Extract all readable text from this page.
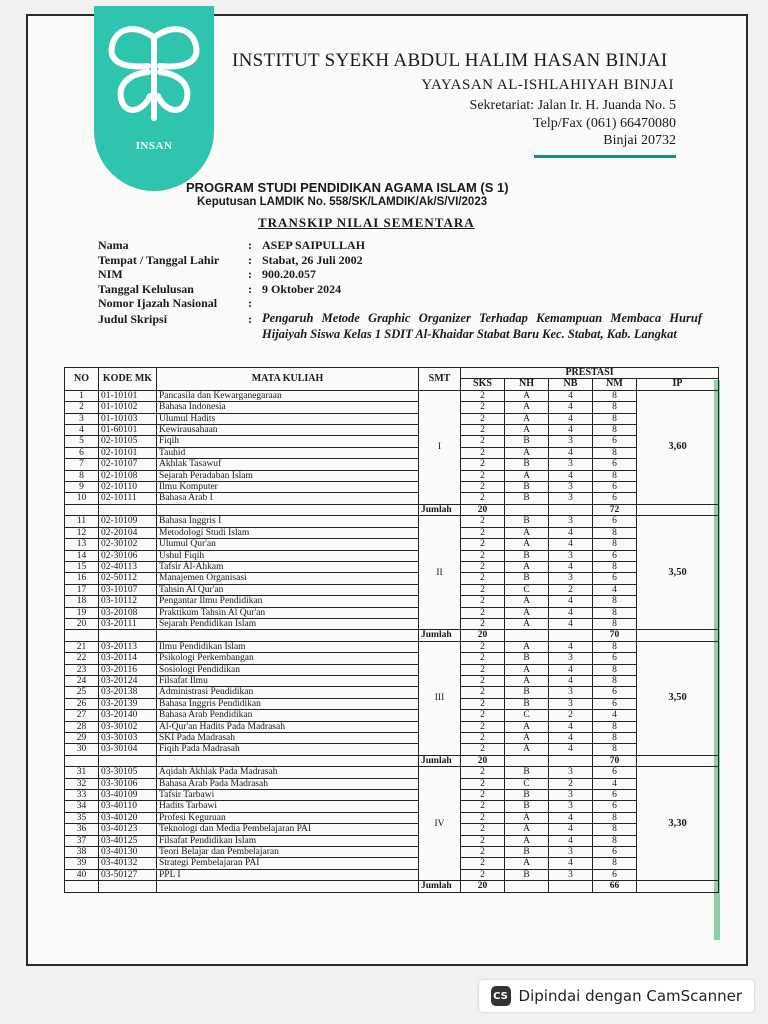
INSAN
INSTITUT SYEKH ABDUL HALIM HASAN BINJAI
YAYASAN AL-ISHLAHIYAH BINJAI
Sekretariat: Jalan Ir. H. Juanda No. 5
Telp/Fax (061) 66470080
Binjai 20732
PROGRAM STUDI PENDIDIKAN AGAMA ISLAM (S 1)
Keputusan LAMDIK No. 558/SK/LAMDIK/Ak/S/VI/2023
TRANSKIP NILAI SEMENTARA
Nama	: ASEP SAIPULLAH
Tempat / Tanggal Lahir : Stabat, 26 Juli 2002
NIM	: 900.20.057
Tanggal Kelulusan	: 9 Oktober 2024
Nomor Ijazah Nasional	:
Judul Skripsi	: Pengaruh Metode Graphic Organizer Terhadap Kemampuan Membaca Huruf Hijaiyah Siswa Kelas 1 SDIT Al-Khaidar Stabat Baru Kec. Stabat, Kab. Langkat
NO	KODE MK	MATA KULIAH	SMT	PRESTASI				
				SKS	NH	NB	NM	IP
1	01-10101	Pancasila dan Kewarganegaraan	I	2	A	4	8	3,60
2	01-10102	Bahasa Indonesia		2	A	4	8	
3	01-10103	Ulumul Hadits		2	A	4	8	
4	01-60101	Kewirausahaan		2	A	4	8	
5	02-10105	Fiqih		2	B	3	6	
6	02-10101	Tauhid		2	A	4	8	
7	02-10107	Akhlak Tasawuf		2	B	3	6	
8	02-10108	Sejarah Peradaban Islam		2	A	4	8	
9	02-10110	Ilmu Komputer		2	B	3	6	
10	02-10111	Bahasa Arab I		2	B	3	6	
			Jumlah	20			72	
11	02-10109	Bahasa Inggris I	II	2	B	3	6	3,50
12	02-20104	Metodologi Studi Islam		2	A	4	8	
13	02-30102	Ulumul Qur'an		2	A	4	8	
14	02-30106	Ushul Fiqih		2	B	3	6	
15	02-40113	Tafsir Al-Ahkam		2	A	4	8	
16	02-50112	Manajemen Organisasi		2	B	3	6	
17	03-10107	Tahsin Al Qur'an		2	C	2	4	
18	03-10112	Pengantar Ilmu Pendidikan		2	A	4	8	
19	03-20108	Praktikum Tahsin Al Qur'an		2	A	4	8	
20	03-20111	Sejarah Pendidikan Islam		2	A	4	8	
			Jumlah	20			70	
21	03-20113	Ilmu Pendidikan Islam	III	2	A	4	8	3,50
22	03-20114	Psikologi Perkembangan		2	B	3	6	
23	03-20116	Sosiologi Pendidikan		2	A	4	8	
24	03-20124	Filsafat Ilmu		2	A	4	8	
25	03-20138	Administrasi Pendidikan		2	B	3	6	
26	03-20139	Bahasa Inggris Pendidikan		2	B	3	6	
27	03-20140	Bahasa Arab Pendidikan		2	C	2	4	
28	03-30102	Al-Qur'an Hadits Pada Madrasah		2	A	4	8	
29	03-30103	SKI Pada Madrasah		2	A	4	8	
30	03-30104	Fiqih Pada Madrasah		2	A	4	8	
			Jumlah	20			70	
31	03-30105	Aqidah Akhlak Pada Madrasah	IV	2	B	3	6	3,30
32	03-30106	Bahasa Arab Pada Madrasah		2	C	2	4	
33	03-40109	Tafsir Tarbawi		2	B	3	6	
34	03-40110	Hadits Tarbawi		2	B	3	6	
35	03-40120	Profesi Keguruan		2	A	4	8	
36	03-40123	Teknologi dan Media Pembelajaran PAI		2	A	4	8	
37	03-40125	Filsafat Pendidikan Islam		2	A	4	8	
38	03-40130	Teori Belajar dan Pembelajaran		2	B	3	6	
39	03-40132	Strategi Pembelajaran PAI		2	A	4	8	
40	03-50127	PPL I		2	B	3	6	
			Jumlah	20			66	
CS Dipindai dengan CamScanner
